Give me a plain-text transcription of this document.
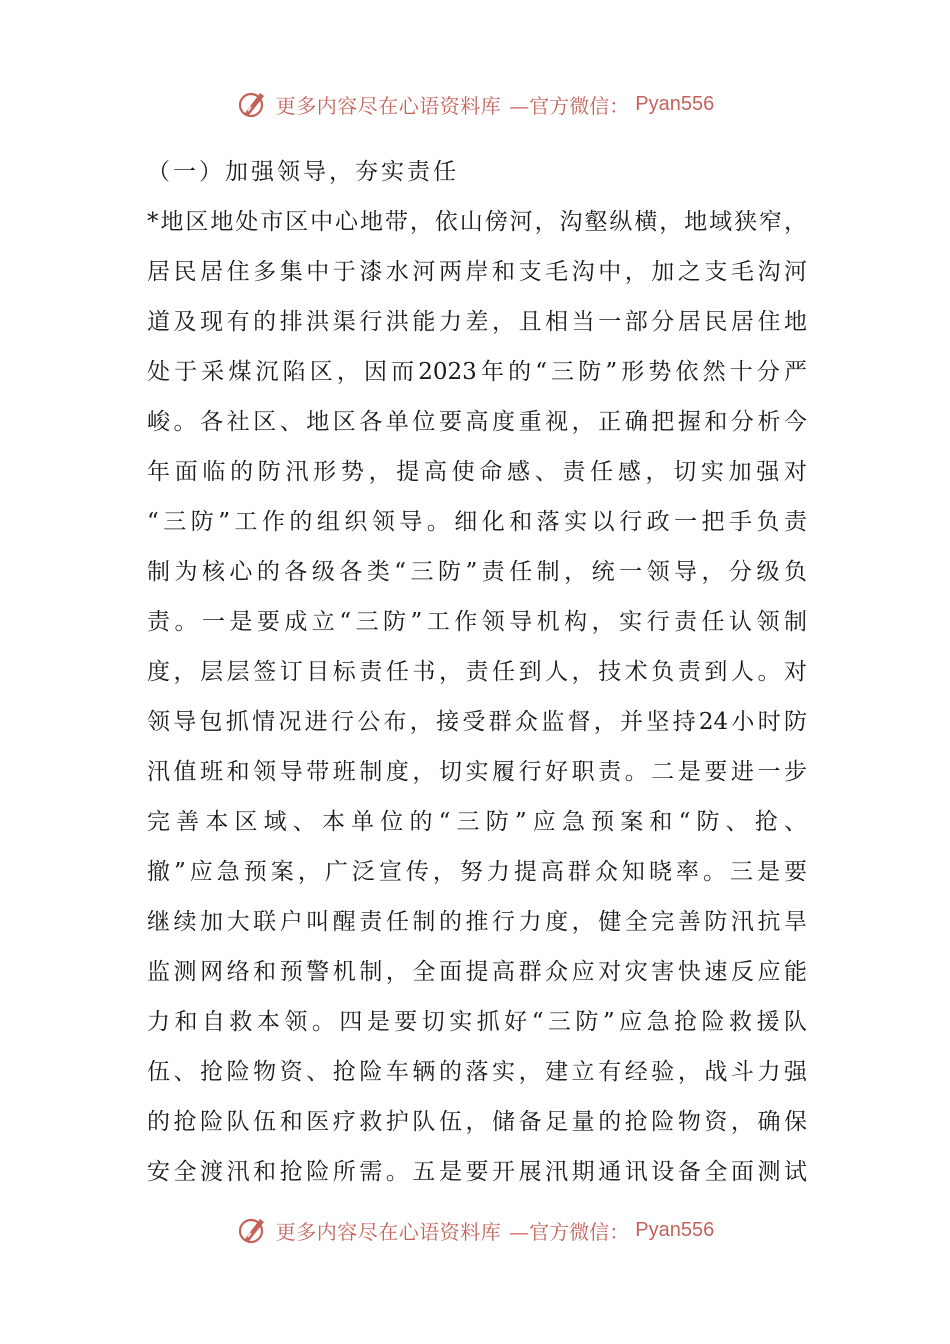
更多内容尽在心语资料库 —官方微信： Pyan556
（一）加强领导，夯实责任
*地区地处市区中心地带，依山傍河，沟壑纵横，地域狭窄，
居民居住多集中于漆水河两岸和支毛沟中，加之支毛沟河
道及现有的排洪渠行洪能力差，且相当一部分居民居住地
处于采煤沉陷区，因而2023年的“三防”形势依然十分严
峻。各社区、地区各单位要高度重视，正确把握和分析今
年面临的防汛形势，提高使命感、责任感，切实加强对
“三防”工作的组织领导。细化和落实以行政一把手负责
制为核心的各级各类“三防”责任制，统一领导，分级负
责。一是要成立“三防”工作领导机构，实行责任认领制
度，层层签订目标责任书，责任到人，技术负责到人。对
领导包抓情况进行公布，接受群众监督，并坚持24小时防
汛值班和领导带班制度，切实履行好职责。二是要进一步
完善本区域、本单位的“三防”应急预案和“防、抢、
撤”应急预案，广泛宣传，努力提高群众知晓率。三是要
继续加大联户叫醒责任制的推行力度，健全完善防汛抗旱
监测网络和预警机制，全面提高群众应对灾害快速反应能
力和自救本领。四是要切实抓好“三防”应急抢险救援队
伍、抢险物资、抢险车辆的落实，建立有经验，战斗力强
的抢险队伍和医疗救护队伍，储备足量的抢险物资，确保
安全渡汛和抢险所需。五是要开展汛期通讯设备全面测试
更多内容尽在心语资料库 —官方微信： Pyan556
